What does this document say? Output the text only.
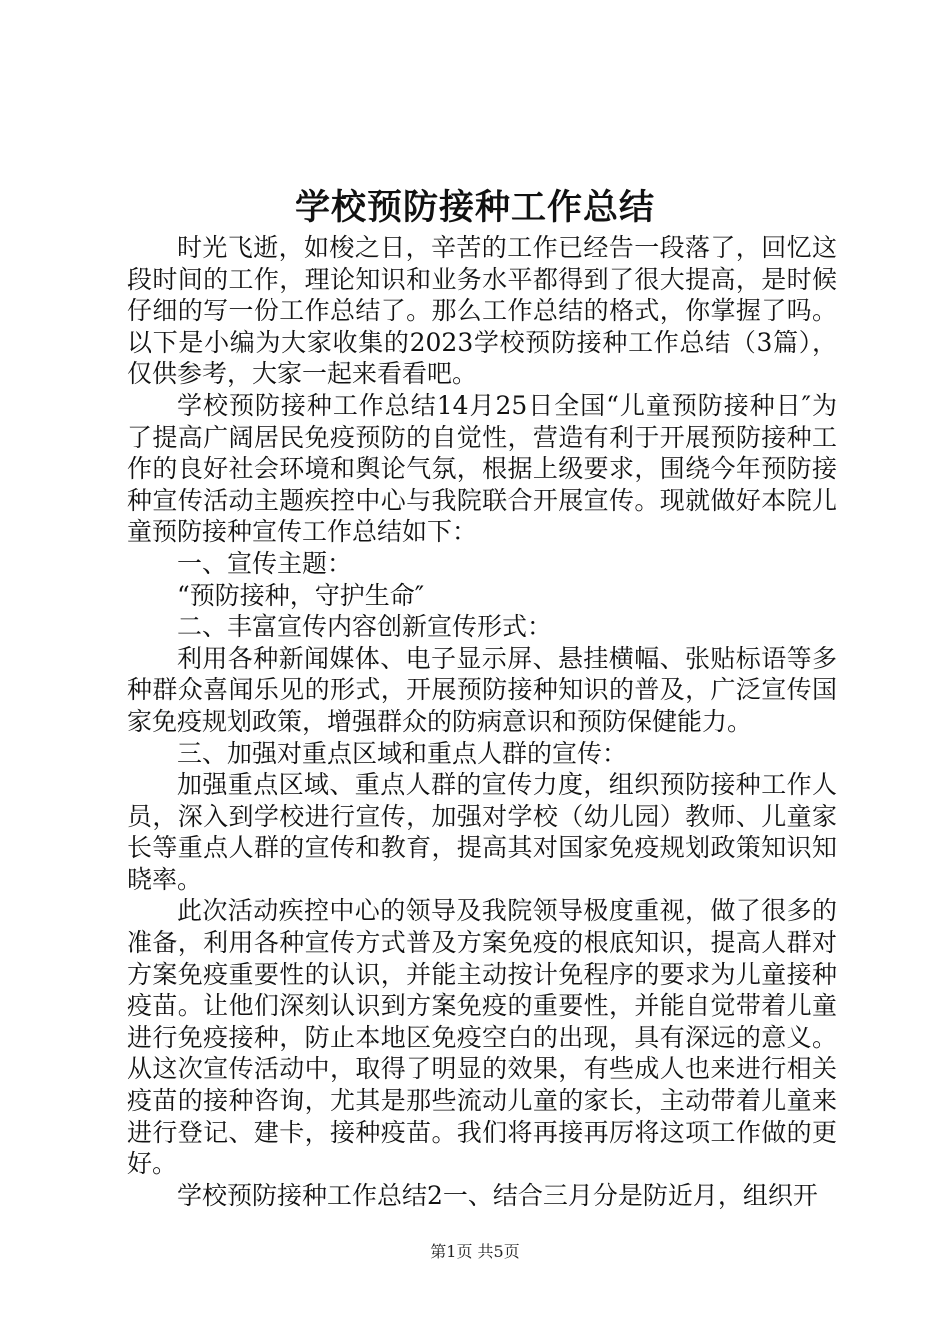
学校预防接种工作总结

时光飞逝，如梭之日，辛苦的工作已经告一段落了，回忆这段时间的工作，理论知识和业务水平都得到了很大提高，是时候仔细的写一份工作总结了。那么工作总结的格式，你掌握了吗。以下是小编为大家收集的2023学校预防接种工作总结（3篇），仅供参考，大家一起来看看吧。

学校预防接种工作总结14月25日全国“儿童预防接种日″为了提高广阔居民免疫预防的自觉性，营造有利于开展预防接种工作的良好社会环境和舆论气氛，根据上级要求，围绕今年预防接种宣传活动主题疾控中心与我院联合开展宣传。现就做好本院儿童预防接种宣传工作总结如下：

一、宣传主题：

“预防接种，守护生命″

二、丰富宣传内容创新宣传形式：

利用各种新闻媒体、电子显示屏、悬挂横幅、张贴标语等多种群众喜闻乐见的形式，开展预防接种知识的普及，广泛宣传国家免疫规划政策，增强群众的防病意识和预防保健能力。

三、加强对重点区域和重点人群的宣传：

加强重点区域、重点人群的宣传力度，组织预防接种工作人员，深入到学校进行宣传，加强对学校（幼儿园）教师、儿童家长等重点人群的宣传和教育，提高其对国家免疫规划政策知识知晓率。

此次活动疾控中心的领导及我院领导极度重视，做了很多的准备，利用各种宣传方式普及方案免疫的根底知识，提高人群对方案免疫重要性的认识，并能主动按计免程序的要求为儿童接种疫苗。让他们深刻认识到方案免疫的重要性，并能自觉带着儿童进行免疫接种，防止本地区免疫空白的出现，具有深远的意义。从这次宣传活动中，取得了明显的效果，有些成人也来进行相关疫苗的接种咨询，尤其是那些流动儿童的家长，主动带着儿童来进行登记、建卡，接种疫苗。我们将再接再厉将这项工作做的更好。

学校预防接种工作总结2一、结合三月分是防近月，组织开

第1页 共5页
